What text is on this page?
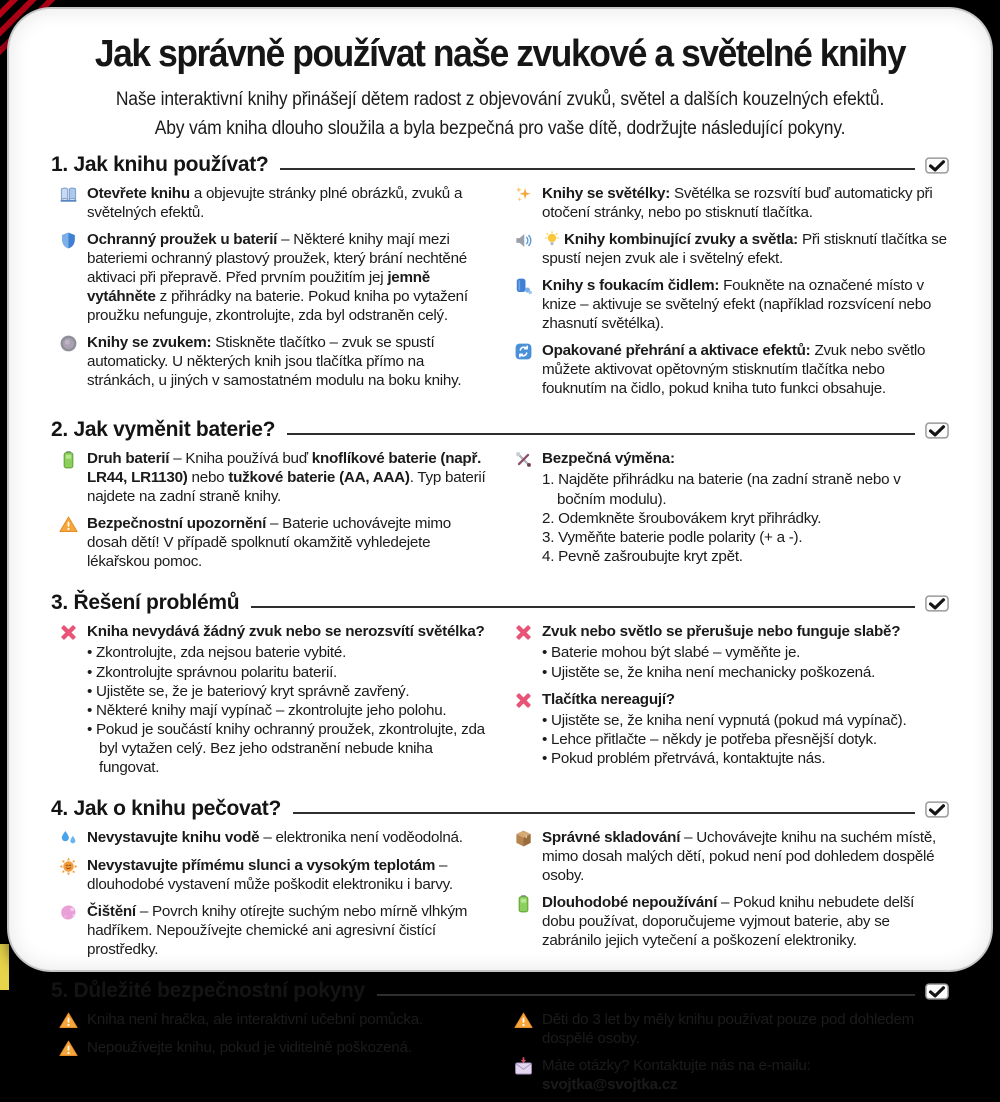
Jak správně používat naše zvukové a světelné knihy

Naše interaktivní knihy přinášejí dětem radost z objevování zvuků, světel a dalších kouzelných efektů.

Aby vám kniha dlouho sloužila a byla bezpečná pro vaše dítě, dodržujte následující pokyny.

1. Jak knihu používat?

Otevřete knihu a objevujte stránky plné obrázků, zvuků a světelných efektů.

Ochranný proužek u baterií – Některé knihy mají mezi bateriemi ochranný plastový proužek, který brání nechtěné aktivaci při přepravě. Před prvním použitím jej jemně vytáhněte z přihrádky na baterie. Pokud kniha po vytažení proužku nefunguje, zkontrolujte, zda byl odstraněn celý.

Knihy se zvukem: Stiskněte tlačítko – zvuk se spustí automaticky. U některých knih jsou tlačítka přímo na stránkách, u jiných v samostatném modulu na boku knihy.

Knihy se světélky: Světélka se rozsvítí buď automaticky při otočení stránky, nebo po stisknutí tlačítka.

Knihy kombinující zvuky a světla: Při stisknutí tlačítka se spustí nejen zvuk ale i světelný efekt.

Knihy s foukacím čidlem: Foukněte na označené místo v knize – aktivuje se světelný efekt (například rozsvícení nebo zhasnutí světélka).

Opakované přehrání a aktivace efektů: Zvuk nebo světlo můžete aktivovat opětovným stisknutím tlačítka nebo fouknutím na čidlo, pokud kniha tuto funkci obsahuje.

2. Jak vyměnit baterie?

Druh baterií – Kniha používá buď knoflíkové baterie (např. LR44, LR1130) nebo tužkové baterie (AA, AAA). Typ baterií najdete na zadní straně knihy.

Bezpečnostní upozornění – Baterie uchovávejte mimo dosah dětí! V případě spolknutí okamžitě vyhledejete lékařskou pomoc.

Bezpečná výměna:
1. Najděte přihrádku na baterie (na zadní straně nebo v bočním modulu).
2. Odemkněte šroubovákem kryt přihrádky.
3. Vyměňte baterie podle polarity (+ a -).
4. Pevně zašroubujte kryt zpět.
3. Řešení problémů
Kniha nevydává žádný zvuk nebo se nerozsvítí světélka?
• Zkontrolujte, zda nejsou baterie vybité.
• Zkontrolujte správnou polaritu baterií.
• Ujistěte se, že je bateriový kryt správně zavřený.
• Některé knihy mají vypínač – zkontrolujte jeho polohu.
• Pokud je součástí knihy ochranný proužek, zkontrolujte, zda byl vytažen celý. Bez jeho odstranění nebude kniha fungovat.
Zvuk nebo světlo se přerušuje nebo funguje slabě?
• Baterie mohou být slabé – vyměňte je.
• Ujistěte se, že kniha není mechanicky poškozená.
Tlačítka nereagují?
• Ujistěte se, že kniha není vypnutá (pokud má vypínač).
• Lehce přitlačte – někdy je potřeba přesnější dotyk.
• Pokud problém přetrvává, kontaktujte nás.
4. Jak o knihu pečovat?

Nevystavujte knihu vodě – elektronika není voděodolná.

Nevystavujte přímému slunci a vysokým teplotám – dlouhodobé vystavení může poškodit elektroniku i barvy.

Čištění – Povrch knihy otírejte suchým nebo mírně vlhkým hadříkem. Nepoužívejte chemické ani agresivní čistící prostředky.

Správné skladování – Uchovávejte knihu na suchém místě, mimo dosah malých dětí, pokud není pod dohledem dospělé osoby.

Dlouhodobé nepoužívání – Pokud knihu nebudete delší dobu používat, doporučujeme vyjmout baterie, aby se zabránilo jejich vytečení a poškození elektroniky.

5. Důležité bezpečnostní pokyny

Kniha není hračka, ale interaktivní učební pomůcka.

Nepoužívejte knihu, pokud je viditelně poškozená.

Děti do 3 let by měly knihu používat pouze pod dohledem dospělé osoby.

Máte otázky? Kontaktujte nás na e-mailu: svojtka@svojtka.cz
